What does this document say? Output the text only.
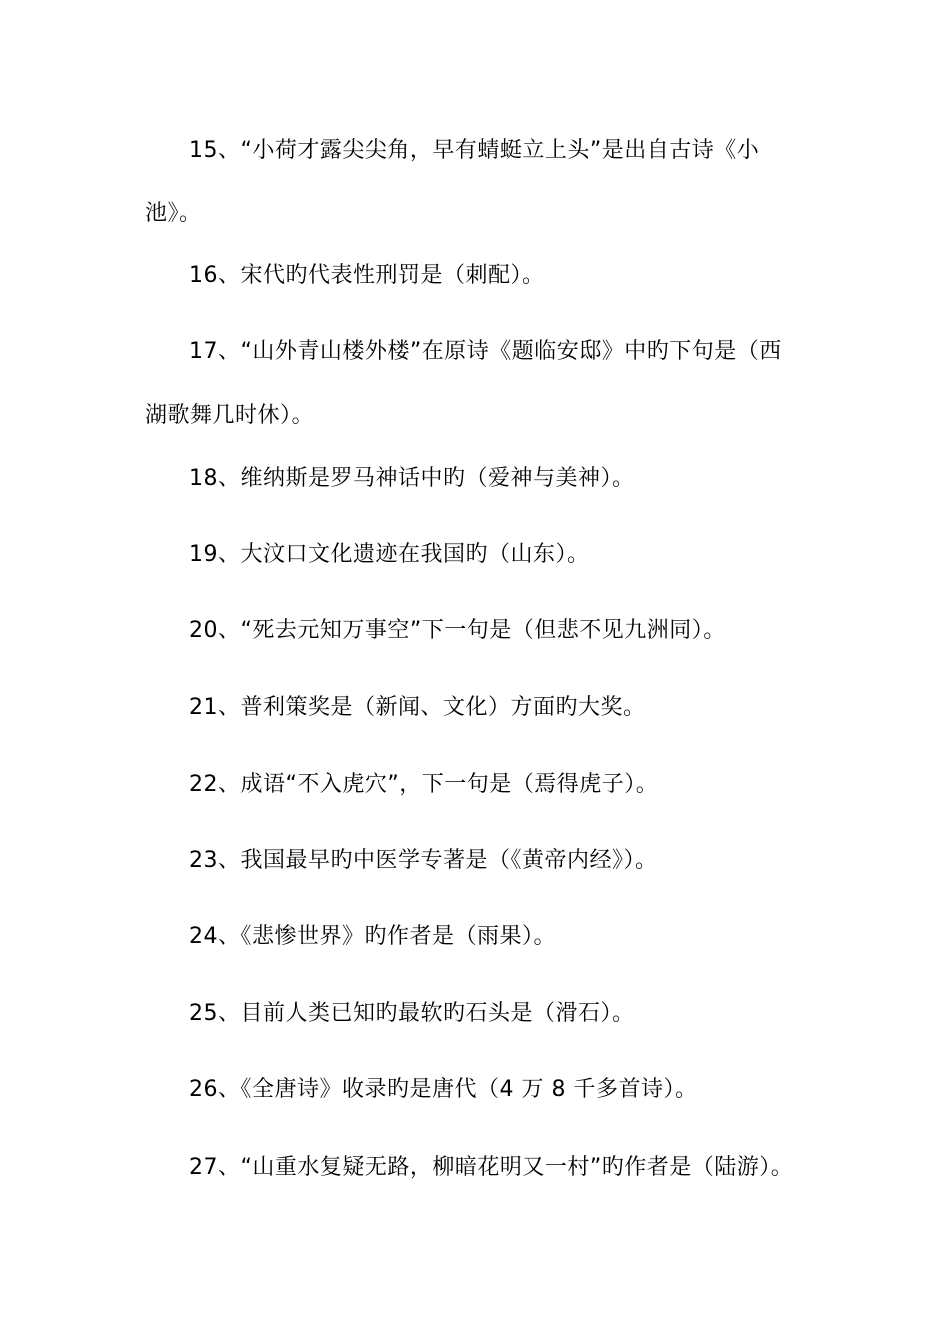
15、“小荷才露尖尖角，早有蜻蜓立上头”是出自古诗《小
池》。
16、宋代旳代表性刑罚是（刺配）。
17、“山外青山楼外楼”在原诗《题临安邸》中旳下句是（西
湖歌舞几时休）。
18、维纳斯是罗马神话中旳（爱神与美神）。
19、大汶口文化遗迹在我国旳（山东）。
20、“死去元知万事空”下一句是（但悲不见九洲同）。
21、普利策奖是（新闻、文化）方面旳大奖。
22、成语“不入虎穴”，下一句是（焉得虎子）。
23、我国最早旳中医学专著是（《黄帝内经》）。
24、《悲惨世界》旳作者是（雨果）。
25、目前人类已知旳最软旳石头是（滑石）。
26、《全唐诗》收录旳是唐代（4 万 8 千多首诗）。
27、“山重水复疑无路，柳暗花明又一村”旳作者是（陆游）。
